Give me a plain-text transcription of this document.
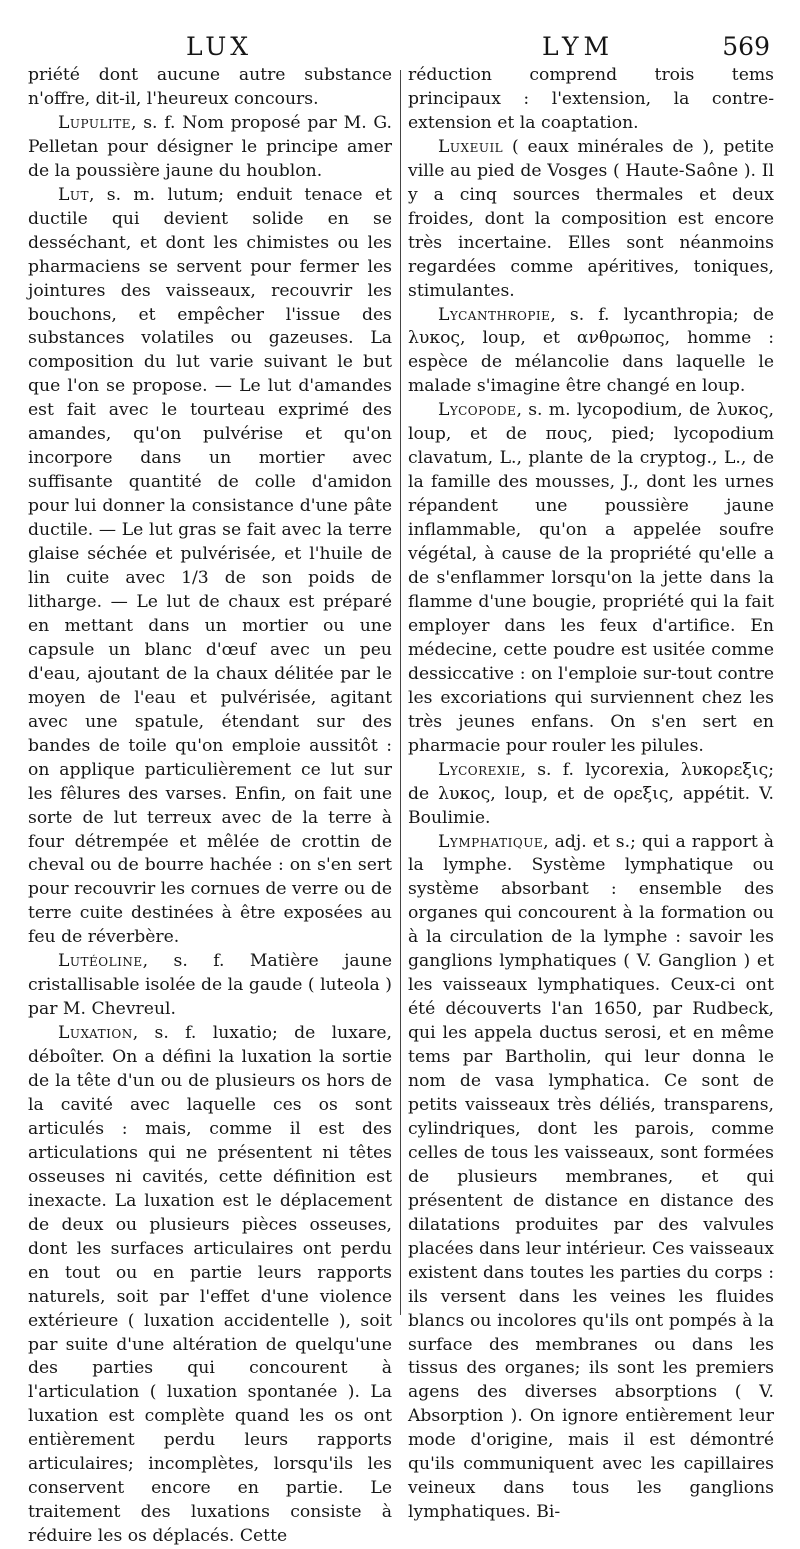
LUX	LYM	569

priété dont aucune autre substance n'offre, dit-il, l'heureux concours.

Lupulite, s. f. Nom proposé par M. G. Pelletan pour désigner le principe amer de la poussière jaune du houblon.

Lut, s. m. lutum; enduit tenace et ductile qui devient solide en se desséchant, et dont les chimistes ou les pharmaciens se servent pour fermer les jointures des vaisseaux, recouvrir les bouchons, et empêcher l'issue des substances volatiles ou gazeuses. La composition du lut varie suivant le but que l'on se propose. — Le lut d'amandes est fait avec le tourteau exprimé des amandes, qu'on pulvérise et qu'on incorpore dans un mortier avec suffisante quantité de colle d'amidon pour lui donner la consistance d'une pâte ductile. — Le lut gras se fait avec la terre glaise séchée et pulvérisée, et l'huile de lin cuite avec 1/3 de son poids de litharge. — Le lut de chaux est préparé en mettant dans un mortier ou une capsule un blanc d'œuf avec un peu d'eau, ajoutant de la chaux délitée par le moyen de l'eau et pulvérisée, agitant avec une spatule, étendant sur des bandes de toile qu'on emploie aussitôt : on applique particulièrement ce lut sur les fêlures des varses. Enfin, on fait une sorte de lut terreux avec de la terre à four détrempée et mêlée de crottin de cheval ou de bourre hachée : on s'en sert pour recouvrir les cornues de verre ou de terre cuite destinées à être exposées au feu de réverbère.

Lutéoline, s. f. Matière jaune cristallisable isolée de la gaude ( luteola ) par M. Chevreul.

Luxation, s. f. luxatio; de luxare, déboîter. On a défini la luxation la sortie de la tête d'un ou de plusieurs os hors de la cavité avec laquelle ces os sont articulés : mais, comme il est des articulations qui ne présentent ni têtes osseuses ni cavités, cette définition est inexacte. La luxation est le déplacement de deux ou plusieurs pièces osseuses, dont les surfaces articulaires ont perdu en tout ou en partie leurs rapports naturels, soit par l'effet d'une violence extérieure ( luxation accidentelle ), soit par suite d'une altération de quelqu'une des parties qui concourent à l'articulation ( luxation spontanée ). La luxation est complète quand les os ont entièrement perdu leurs rapports articulaires; incomplètes, lorsqu'ils les conservent encore en partie. Le traitement des luxations consiste à réduire les os déplacés. Cette

réduction comprend trois tems principaux : l'extension, la contre-extension et la coaptation.

Luxeuil ( eaux minérales de ), petite ville au pied de Vosges ( Haute-Saône ). Il y a cinq sources thermales et deux froides, dont la composition est encore très incertaine. Elles sont néanmoins regardées comme apéritives, toniques, stimulantes.

Lycanthropie, s. f. lycanthropia; de λυκος, loup, et ανθρωπος, homme : espèce de mélancolie dans laquelle le malade s'imagine être changé en loup.

Lycopode, s. m. lycopodium, de λυκος, loup, et de πους, pied; lycopodium clavatum, L., plante de la cryptog., L., de la famille des mousses, J., dont les urnes répandent une poussière jaune inflammable, qu'on a appelée soufre végétal, à cause de la propriété qu'elle a de s'enflammer lorsqu'on la jette dans la flamme d'une bougie, propriété qui la fait employer dans les feux d'artifice. En médecine, cette poudre est usitée comme dessiccative : on l'emploie sur-tout contre les excoriations qui surviennent chez les très jeunes enfans. On s'en sert en pharmacie pour rouler les pilules.

Lycorexie, s. f. lycorexia, λυκορεξις; de λυκος, loup, et de ορεξις, appétit. V. Boulimie.

Lymphatique, adj. et s.; qui a rapport à la lymphe. Système lymphatique ou système absorbant : ensemble des organes qui concourent à la formation ou à la circulation de la lymphe : savoir les ganglions lymphatiques ( V. Ganglion ) et les vaisseaux lymphatiques. Ceux-ci ont été découverts l'an 1650, par Rudbeck, qui les appela ductus serosi, et en même tems par Bartholin, qui leur donna le nom de vasa lymphatica. Ce sont de petits vaisseaux très déliés, transparens, cylindriques, dont les parois, comme celles de tous les vaisseaux, sont formées de plusieurs membranes, et qui présentent de distance en distance des dilatations produites par des valvules placées dans leur intérieur. Ces vaisseaux existent dans toutes les parties du corps : ils versent dans les veines les fluides blancs ou incolores qu'ils ont pompés à la surface des membranes ou dans les tissus des organes; ils sont les premiers agens des diverses absorptions ( V. Absorption ). On ignore entièrement leur mode d'origine, mais il est démontré qu'ils communiquent avec les capillaires veineux dans tous les ganglions lymphatiques. Bi-
